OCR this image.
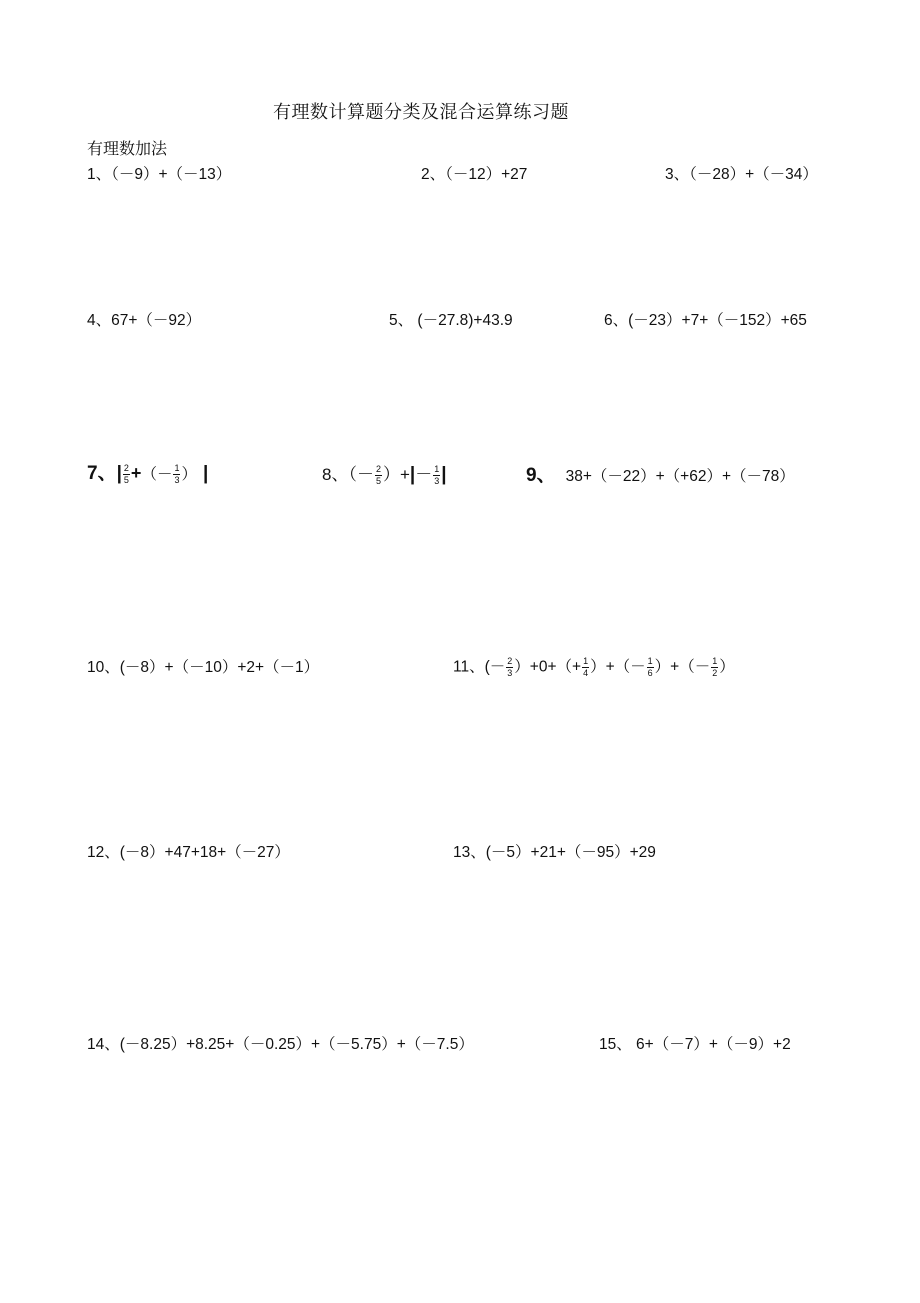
有理数计算题分类及混合运算练习题
有理数加法
1、（－9）+（－13）	2、（－12）+27	3、（－28）+（－34）
4、67+（－92）	5、 (－27.8)+43.9	6、(－23）+7+（－152）+65
7、| $\frac{2}{5}$ +（－ $\frac{1}{3}$ ） |	8、（－ $\frac{2}{5}$ ）+|－ $\frac{1}{3}$ |	9、 38+（－22）+（+62）+（－78）
10、(－8）+（－10）+2+（－1）	11、(－ $\frac{2}{3} )+0+(+ \frac{1}{4}$ ）+（－ $\frac{1}{6}$ ）+（－ $\frac{1}{2}$ ）
12、(－8）+47+18+（－27）	13、(－5）+21+（－95）+29
14、(－8.25）+8.25+（－0.25）+（－5.75）+（－7.5）	15、 6+（－7）+（－9）+2
